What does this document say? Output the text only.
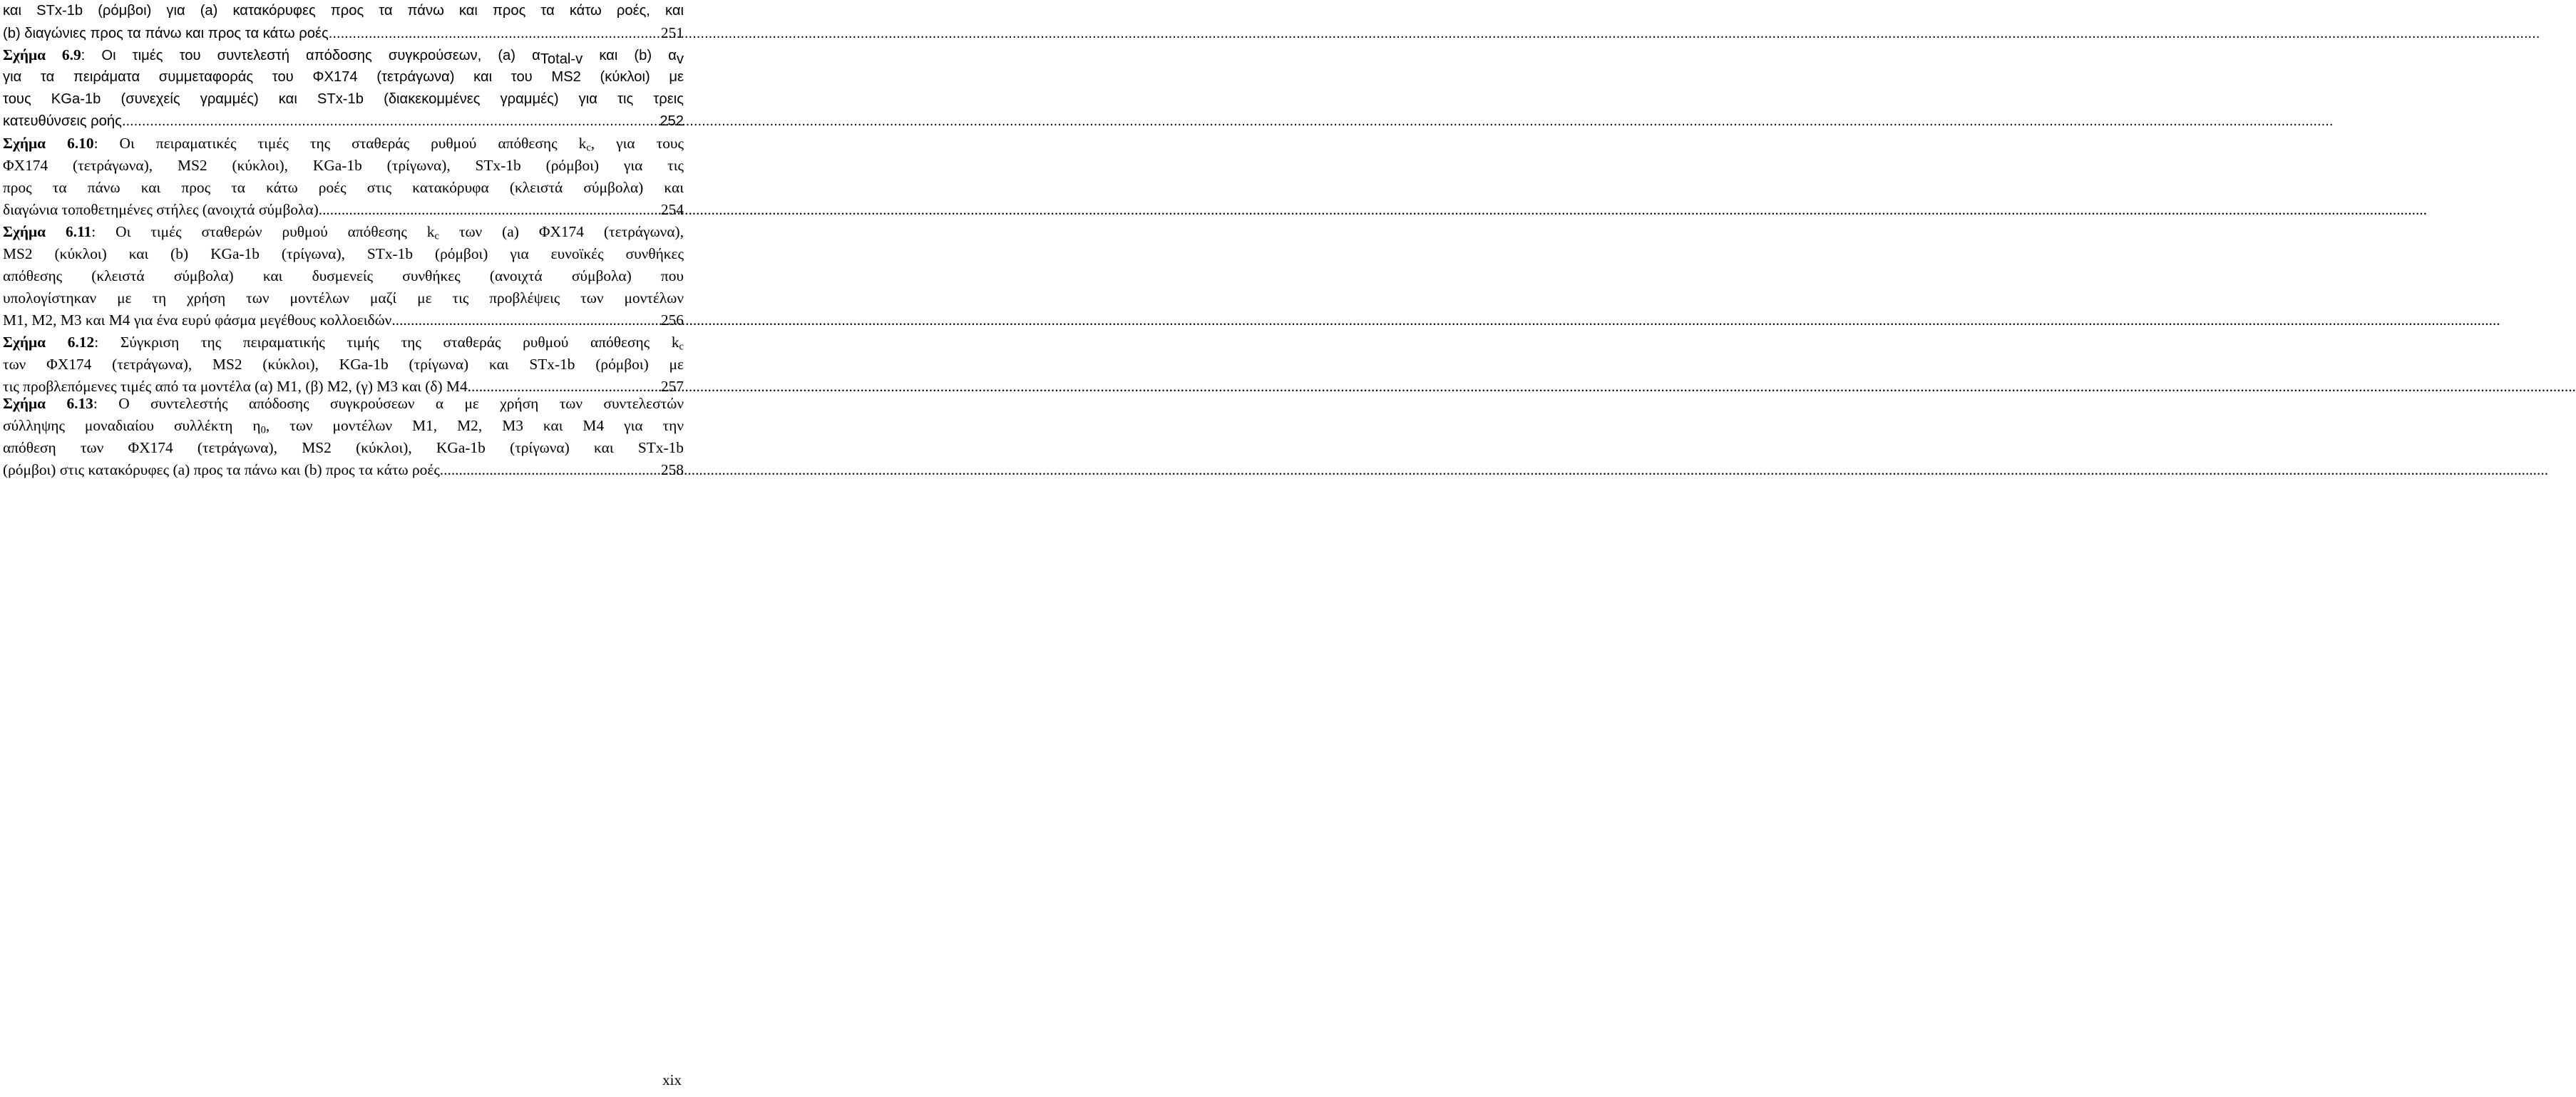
και STx-1b (ρόμβοι) για (a) κατακόρυφες προς τα πάνω και προς τα κάτω ροές, και
(b) διαγώνιες προς τα πάνω και προς τα κάτω ροές. .....	251
Σχήμα 6.9: Οι τιμές του συντελεστή απόδοσης συγκρούσεων, (a) $\alpha_{Total-v}$ και (b) $\alpha_v$
για τα πειράματα συμμεταφοράς του ΦΧ174 (τετράγωνα) και του MS2 (κύκλοι) με
τους KGa-1b (συνεχείς γραμμές) και STx-1b (διακεκομμένες γραμμές) για τις τρεις
κατευθύνσεις ροής. .....	252
Σχήμα 6.10: Οι πειραματικές τιμές της σταθεράς ρυθμού απόθεσης $k_c$, για τους
ΦΧ174 (τετράγωνα), MS2 (κύκλοι), KGa-1b (τρίγωνα), STx-1b (ρόμβοι) για τις
προς τα πάνω και προς τα κάτω ροές στις κατακόρυφα (κλειστά σύμβολα) και
διαγώνια τοποθετημένες στήλες (ανοιχτά σύμβολα). .....	254
Σχήμα 6.11: Οι τιμές σταθερών ρυθμού απόθεσης $k_c$ των (a) ΦΧ174 (τετράγωνα),
MS2 (κύκλοι) και (b) KGa-1b (τρίγωνα), STx-1b (ρόμβοι) για ευνοϊκές συνθήκες
απόθεσης (κλειστά σύμβολα) και δυσμενείς συνθήκες (ανοιχτά σύμβολα) που
υπολογίστηκαν με τη χρήση των μοντέλων μαζί με τις προβλέψεις των μοντέλων
M1, M2, M3 και M4 για ένα ευρύ φάσμα μεγέθους κολλοειδών. .....	256
Σχήμα 6.12: Σύγκριση της πειραματικής τιμής της σταθεράς ρυθμού απόθεσης $k_c$
των ΦΧ174 (τετράγωνα), MS2 (κύκλοι), KGa-1b (τρίγωνα) και STx-1b (ρόμβοι) με
τις προβλεπόμενες τιμές από τα μοντέλα (α) M1, (β) M2, (γ) M3 και (δ) M4. .....	257
Σχήμα 6.13: Ο συντελεστής απόδοσης συγκρούσεων α με χρήση των συντελεστών
σύλληψης μοναδιαίου συλλέκτη $\eta_0$, των μοντέλων M1, M2, M3 και M4 για την
απόθεση των ΦΧ174 (τετράγωνα), MS2 (κύκλοι), KGa-1b (τρίγωνα) και STx-1b
(ρόμβοι) στις κατακόρυφες (a) προς τα πάνω και (b) προς τα κάτω ροές. .....	258
xix
